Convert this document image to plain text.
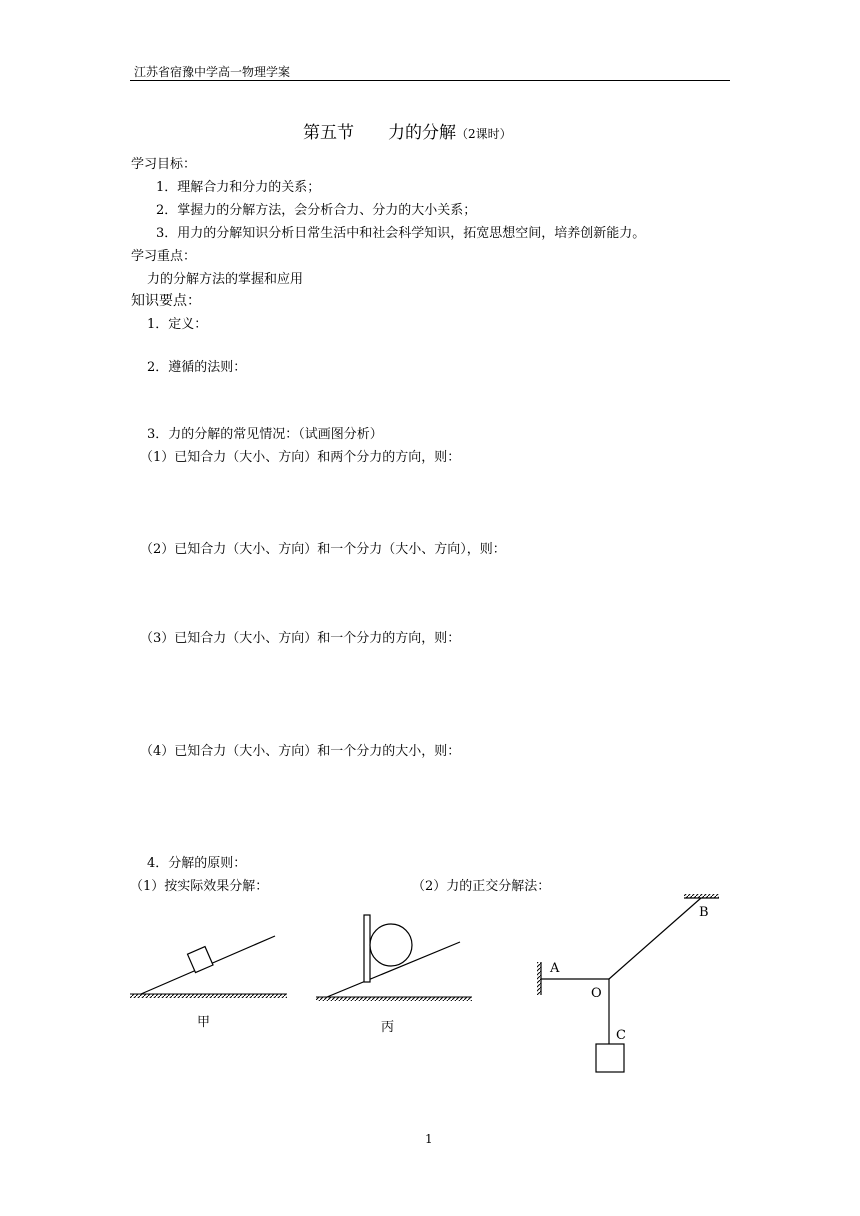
江苏省宿豫中学高一物理学案
第五节　　力的分解（2课时）
学习目标：
1．理解合力和分力的关系；
2．掌握力的分解方法，会分析合力、分力的大小关系；
3．用力的分解知识分析日常生活中和社会科学知识，拓宽思想空间，培养创新能力。
学习重点：
力的分解方法的掌握和应用
知识要点：
1．定义：
2．遵循的法则：
3．力的分解的常见情况：（试画图分析）
（1）已知合力（大小、方向）和两个分力的方向，则：
（2）已知合力（大小、方向）和一个分力（大小、方向），则：
（3）已知合力（大小、方向）和一个分力的方向，则：
（4）已知合力（大小、方向）和一个分力的大小，则：
4．分解的原则：
（1）按实际效果分解：	（2）力的正交分解法：
甲	丙
A
B
O
C
1
